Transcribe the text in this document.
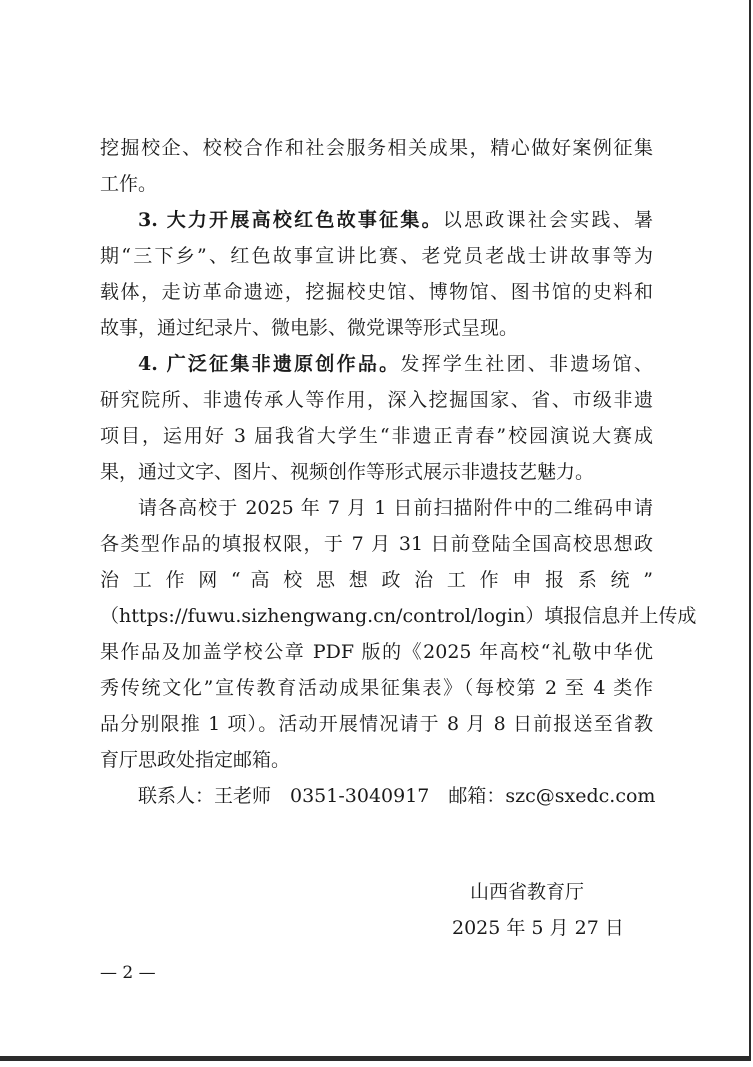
挖掘校企、校校合作和社会服务相关成果，精心做好案例征集
工作。
3. 大力开展高校红色故事征集。以思政课社会实践、暑
期“三下乡”、红色故事宣讲比赛、老党员老战士讲故事等为
载体，走访革命遗迹，挖掘校史馆、博物馆、图书馆的史料和
故事，通过纪录片、微电影、微党课等形式呈现。
4. 广泛征集非遗原创作品。发挥学生社团、非遗场馆、
研究院所、非遗传承人等作用，深入挖掘国家、省、市级非遗
项目，运用好 3 届我省大学生“非遗正青春”校园演说大赛成
果，通过文字、图片、视频创作等形式展示非遗技艺魅力。
请各高校于 2025 年 7 月 1 日前扫描附件中的二维码申请
各类型作品的填报权限，于 7 月 31 日前登陆全国高校思想政
治 工 作 网 “ 高 校 思 想 政 治 工 作 申 报 系 统 ”
（https://fuwu.sizhengwang.cn/control/login）填报信息并上传成
果作品及加盖学校公章 PDF 版的《2025 年高校“礼敬中华优
秀传统文化”宣传教育活动成果征集表》（每校第 2 至 4 类作
品分别限推 1 项）。活动开展情况请于 8 月 8 日前报送至省教
育厅思政处指定邮箱。
联系人：王老师　0351-3040917　邮箱：szc@sxedc.com
山西省教育厅
2025 年 5 月 27 日
— 2 —
